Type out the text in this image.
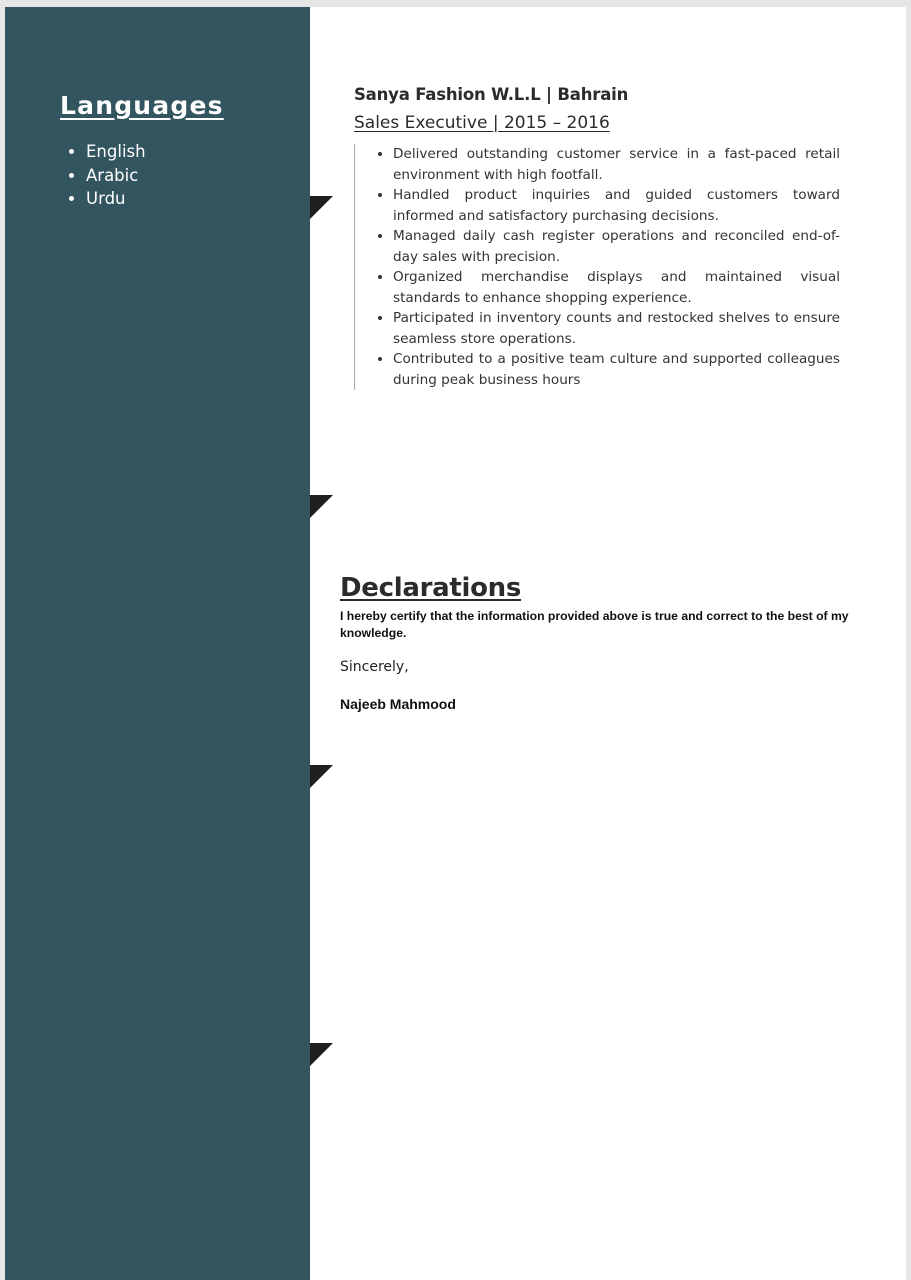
Languages
• English
• Arabic
• Urdu
Sanya Fashion W.L.L | Bahrain

Sales Executive | 2015 – 2016

• Delivered outstanding customer service in a fast-paced retail environment with high footfall.
• Handled product inquiries and guided customers toward informed and satisfactory purchasing decisions.
• Managed daily cash register operations and reconciled end-of-day sales with precision.
• Organized merchandise displays and maintained visual standards to enhance shopping experience.
• Participated in inventory counts and restocked shelves to ensure seamless store operations.
• Contributed to a positive team culture and supported colleagues during peak business hours
Declarations

I hereby certify that the information provided above is true and correct to the best of my knowledge.

Sincerely,

Najeeb Mahmood
